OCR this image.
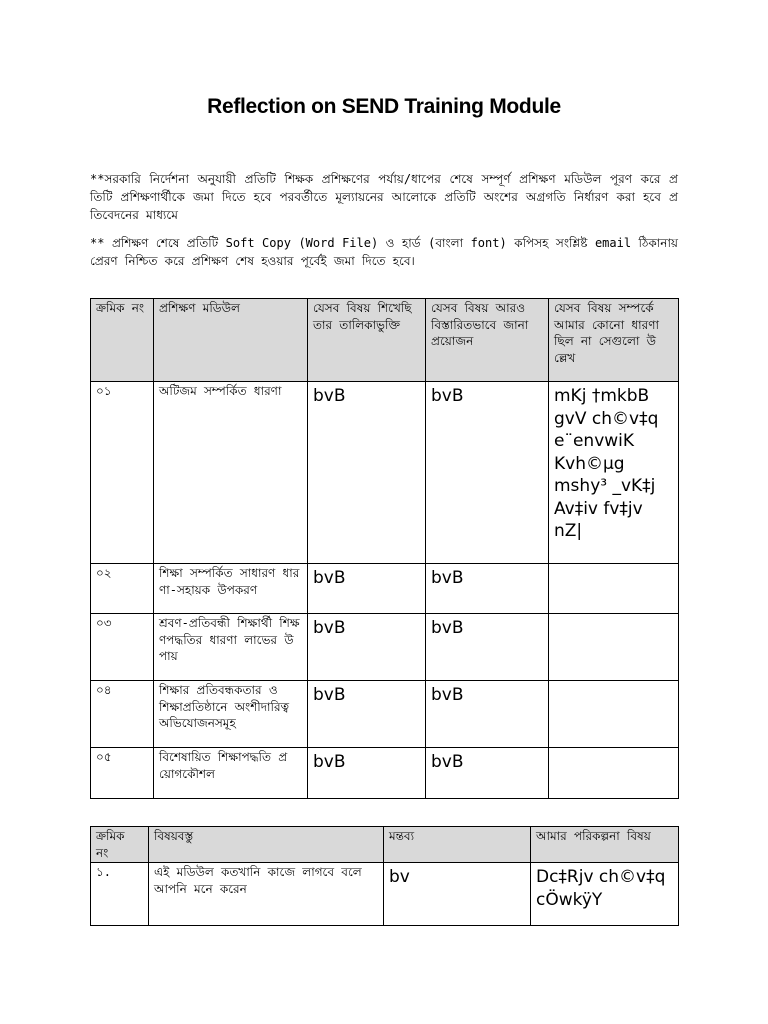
Reflection on SEND Training Module
**সরকারি নির্দেশনা অনুযায়ী প্রতিটি শিক্ষক প্রশিক্ষণের পর্যায়/ধাপের শেষে সম্পূর্ণ প্রশিক্ষণ মডিউল পূরণ করে প্রতিটি প্রশিক্ষণার্থীকে জমা দিতে হবে পরবর্তীতে মূল্যায়নের আলোকে প্রতিটি অংশের অগ্রগতি নির্ধারণ করা হবে প্রতিবেদনের মাধ্যমে
** প্রশিক্ষণ শেষে প্রতিটি Soft Copy (Word File) ও হার্ড (বাংলা font) কপিসহ সংশ্লিষ্ট email ঠিকানায় প্রেরণ নিশ্চিত করে প্রশিক্ষণ শেষ হওয়ার পূর্বেই জমা দিতে হবে।
ক্রমিক নং	প্রশিক্ষণ মডিউল	যেসব বিষয় শিখেছি তার তালিকাভুক্তি	যেসব বিষয় আরও বিস্তারিতভাবে জানা প্রয়োজন	যেসব বিষয় সম্পর্কে আমার কোনো ধারণা ছিল না সেগুলো উল্লেখ
০১	অটিজম সম্পর্কিত ধারণা	bvB	bvB	mKj †mkbB gvV ch©v‡q e¨envwiK Kvh©µg mshy³ _vK‡j Av‡iv fv‡jv nZ|
০২	শিক্ষা সম্পর্কিত সাধারণ ধারণা-সহায়ক উপকরণ	bvB	bvB	
০৩	শ্রবণ-প্রতিবন্ধী শিক্ষার্থী শিক্ষণপদ্ধতির ধারণা লাভের উপায়	bvB	bvB	
০৪	শিক্ষার প্রতিবন্ধকতার ও শিক্ষাপ্রতিষ্ঠানে অংশীদারিত্ব অভিযোজনসমূহ	bvB	bvB	
০৫	বিশেষায়িত শিক্ষাপদ্ধতি প্রয়োগকৌশল	bvB	bvB	
ক্রমিক নং	বিষয়বস্তু	মন্তব্য	আমার পরিকল্পনা বিষয়
১.	এই মডিউল কতখানি কাজে লাগবে বলে আপনি মনে করেন	bv	Dc‡Rjv ch©v‡q cÖwkÿY
